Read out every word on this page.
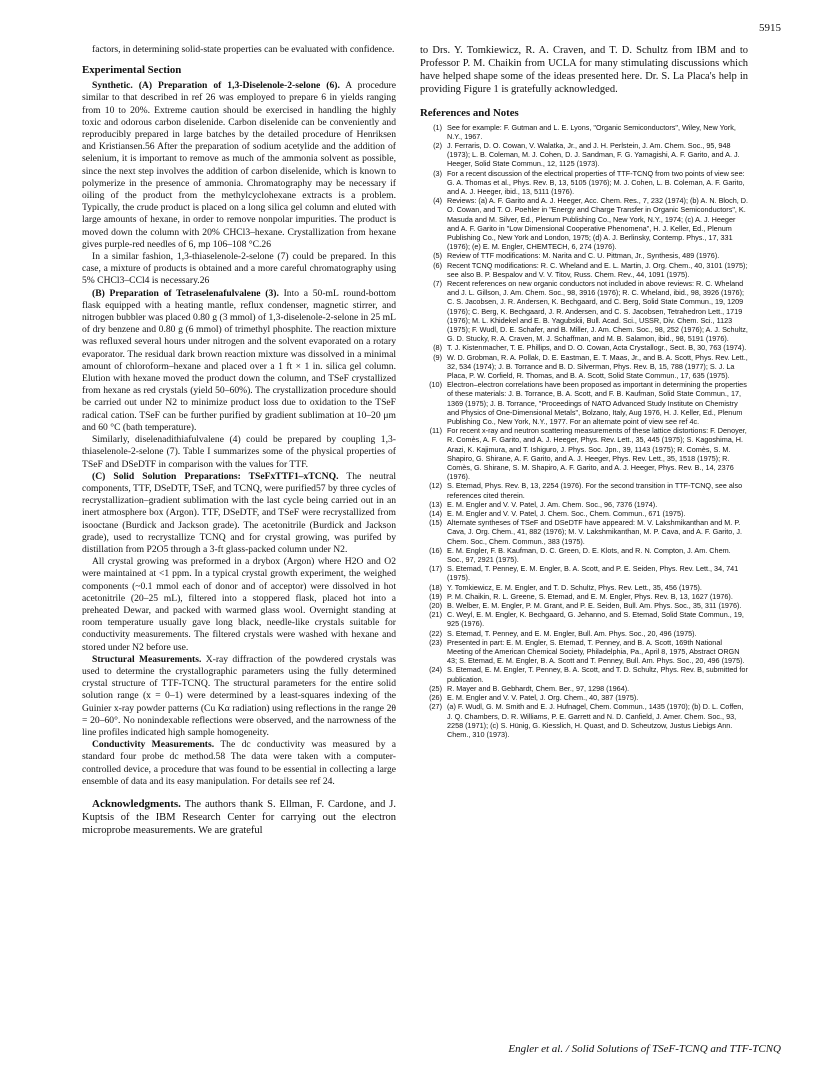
5915

factors, in determining solid-state properties can be evaluated with confidence.

Experimental Section

Synthetic. (A) Preparation of 1,3-Diselenole-2-selone (6). A procedure similar to that described in ref 26 was employed to prepare 6 in yields ranging from 10 to 20%. Extreme caution should be exercised in handling the highly toxic and odorous carbon diselenide. Carbon diselenide can be conveniently and reproducibly prepared in large batches by the detailed procedure of Henriksen and Kristiansen.56 After the preparation of sodium acetylide and the addition of selenium, it is important to remove as much of the ammonia solvent as possible, since the next step involves the addition of carbon diselenide, which is known to polymerize in the presence of ammonia. Chromatography may be necessary if oiling of the product from the methylcyclohexane extracts is a problem. Typically, the crude product is placed on a long silica gel column and eluted with large amounts of hexane, in order to remove nonpolar impurities. The product is moved down the column with 20% CHCl3–hexane. Crystallization from hexane gives purple-red needles of 6, mp 106–108 °C.26

In a similar fashion, 1,3-thiaselenole-2-selone (7) could be prepared. In this case, a mixture of products is obtained and a more careful chromatography using 5% CHCl3–CCl4 is necessary.26

(B) Preparation of Tetraselenafulvalene (3). Into a 50-mL round-bottom flask equipped with a heating mantle, reflux condenser, magnetic stirrer, and nitrogen bubbler was placed 0.80 g (3 mmol) of 1,3-diselenole-2-selone in 25 mL of dry benzene and 0.80 g (6 mmol) of trimethyl phosphite. The reaction mixture was refluxed several hours under nitrogen and the solvent evaporated on a rotary evaporator. The residual dark brown reaction mixture was dissolved in a minimal amount of chloroform–hexane and placed over a 1 ft × 1 in. silica gel column. Elution with hexane moved the product down the column, and TSeF crystallized from hexane as red crystals (yield 50–60%). The crystallization procedure should be carried out under N2 to minimize product loss due to oxidation to the TSeF radical cation. TSeF can be further purified by gradient sublimation at 10–20 μm and 60 °C (bath temperature).

Similarly, diselenadithiafulvalene (4) could be prepared by coupling 1,3-thiaselenole-2-selone (7). Table I summarizes some of the physical properties of TSeF and DSeDTF in comparison with the values for TTF.

(C) Solid Solution Preparations: TSeFxTTF1–xTCNQ. The neutral components, TTF, DSeDTF, TSeF, and TCNQ, were purified57 by three cycles of recrystallization–gradient sublimation with the last cycle being carried out in an inert atmosphere box (Argon). TTF, DSeDTF, and TSeF were recrystallized from isooctane (Burdick and Jackson grade). The acetonitrile (Burdick and Jackson grade), used to recrystallize TCNQ and for crystal growing, was purifed by distillation from P2O5 through a 3-ft glass-packed column under N2.

All crystal growing was preformed in a drybox (Argon) where H2O and O2 were maintained at <1 ppm. In a typical crystal growth experiment, the weighed components (~0.1 mmol each of donor and of acceptor) were dissolved in hot acetonitrile (20–25 mL), filtered into a stoppered flask, placed hot into a preheated Dewar, and packed with warmed glass wool. Overnight standing at room temperature usually gave long black, needle-like crystals suitable for conductivity measurements. The filtered crystals were washed with hexane and stored under N2 before use.

Structural Measurements. X-ray diffraction of the powdered crystals was used to determine the crystallographic parameters using the fully determined crystal structure of TTF-TCNQ. The structural parameters for the entire solid solution range (x = 0–1) were determined by a least-squares indexing of the Guinier x-ray powder patterns (Cu Kα radiation) using reflections in the range 2θ = 20–60°. No nonindexable reflections were observed, and the narrowness of the line profiles indicated high sample homogeneity.

Conductivity Measurements. The dc conductivity was measured by a standard four probe dc method.58 The data were taken with a computer-controlled device, a procedure that was found to be essential in collecting a large ensemble of data and its easy manipulation. For details see ref 24.

Acknowledgments. The authors thank S. Ellman, F. Cardone, and J. Kuptsis of the IBM Research Center for carrying out the electron microprobe measurements. We are grateful

to Drs. Y. Tomkiewicz, R. A. Craven, and T. D. Schultz from IBM and to Professor P. M. Chaikin from UCLA for many stimulating discussions which have helped shape some of the ideas presented here. Dr. S. La Placa's help in providing Figure 1 is gratefully acknowledged.

References and Notes
(1) See for example: F. Gutman and L. E. Lyons, "Organic Semiconductors", Wiley, New York, N.Y., 1967.
(2) J. Ferraris, D. O. Cowan, V. Walatka, Jr., and J. H. Perlstein, J. Am. Chem. Soc., 95, 948 (1973); L. B. Coleman, M. J. Cohen, D. J. Sandman, F. G. Yamagishi, A. F. Garito, and A. J. Heeger, Solid State Commun., 12, 1125 (1973).
(3) For a recent discussion of the electrical properties of TTF-TCNQ from two points of view see: G. A. Thomas et al., Phys. Rev. B, 13, 5105 (1976); M. J. Cohen, L. B. Coleman, A. F. Garito, and A. J. Heeger, ibid., 13, 5111 (1976).
(4) Reviews: (a) A. F. Garito and A. J. Heeger, Acc. Chem. Res., 7, 232 (1974); (b) A. N. Bloch, D. O. Cowan, and T. O. Poehler in "Energy and Charge Transfer in Organic Semiconductors", K. Masuda and M. Silver, Ed., Plenum Publishing Co., New York, N.Y., 1974; (c) A. J. Heeger and A. F. Garito in "Low Dimensional Cooperative Phenomena", H. J. Keller, Ed., Plenum Publishing Co., New York and London, 1975; (d) A. J. Berlinsky, Contemp. Phys., 17, 331 (1976); (e) E. M. Engler, CHEMTECH, 6, 274 (1976).
(5) Review of TTF modifications: M. Narita and C. U. Pittman, Jr., Synthesis, 489 (1976).
(6) Recent TCNQ modifications: R. C. Wheland and E. L. Martin, J. Org. Chem., 40, 3101 (1975); see also B. P. Bespalov and V. V. Titov, Russ. Chem. Rev., 44, 1091 (1975).
(7) Recent references on new organic conductors not included in above reviews: R. C. Wheland and J. L. Gillson, J. Am. Chem. Soc., 98, 3916 (1976); R. C. Wheland, ibid., 98, 3926 (1976); C. S. Jacobsen, J. R. Andersen, K. Bechgaard, and C. Berg, Solid State Commun., 19, 1209 (1976); C. Berg, K. Bechgaard, J. R. Andersen, and C. S. Jacobsen, Tetrahedron Lett., 1719 (1976); M. L. Khidekel and E. B. Yagubskii, Bull. Acad. Sci., USSR, Div. Chem. Sci., 1123 (1975); F. Wudl, D. E. Schafer, and B. Miller, J. Am. Chem. Soc., 98, 252 (1976); A. J. Schultz, G. D. Stucky, R. A. Craven, M. J. Schaffman, and M. B. Salamon, ibid., 98, 5191 (1976).
(8) T. J. Kistenmacher, T. E. Phillips, and D. O. Cowan, Acta Crystallogr., Sect. B, 30, 763 (1974).
(9) W. D. Grobman, R. A. Pollak, D. E. Eastman, E. T. Maas, Jr., and B. A. Scott, Phys. Rev. Lett., 32, 534 (1974); J. B. Torrance and B. D. Silverman, Phys. Rev. B, 15, 788 (1977); S. J. La Placa, P. W. Corfield, R. Thomas, and B. A. Scott, Solid State Commun., 17, 635 (1975).
(10) Electron–electron correlations have been proposed as important in determining the properties of these materials: J. B. Torrance, B. A. Scott, and F. B. Kaufman, Solid State Commun., 17, 1369 (1975); J. B. Torrance, "Proceedings of NATO Advanced Study Institute on Chemistry and Physics of One-Dimensional Metals", Bolzano, Italy, Aug 1976, H. J. Keller, Ed., Plenum Publishing Co., New York, N.Y., 1977. For an alternate point of view see ref 4c.
(11) For recent x-ray and neutron scattering measurements of these lattice distortions: F. Denoyer, R. Comès, A. F. Garito, and A. J. Heeger, Phys. Rev. Lett., 35, 445 (1975); S. Kagoshima, H. Arazi, K. Kajimura, and T. Ishiguro, J. Phys. Soc. Jpn., 39, 1143 (1975); R. Comès, S. M. Shapiro, G. Shirane, A. F. Garito, and A. J. Heeger, Phys. Rev. Lett., 35, 1518 (1975); R. Comès, G. Shirane, S. M. Shapiro, A. F. Garito, and A. J. Heeger, Phys. Rev. B., 14, 2376 (1976).
(12) S. Etemad, Phys. Rev. B, 13, 2254 (1976). For the second transition in TTF-TCNQ, see also references cited therein.
(13) E. M. Engler and V. V. Patel, J. Am. Chem. Soc., 96, 7376 (1974).
(14) E. M. Engler and V. V. Patel, J. Chem. Soc., Chem. Commun., 671 (1975).
(15) Alternate syntheses of TSeF and DSeDTF have appeared: M. V. Lakshmikanthan and M. P. Cava, J. Org. Chem., 41, 882 (1976); M. V. Lakshmikanthan, M. P. Cava, and A. F. Garito, J. Chem. Soc., Chem. Commun., 383 (1975).
(16) E. M. Engler, F. B. Kaufman, D. C. Green, D. E. Klots, and R. N. Compton, J. Am. Chem. Soc., 97, 2921 (1975).
(17) S. Etemad, T. Penney, E. M. Engler, B. A. Scott, and P. E. Seiden, Phys. Rev. Lett., 34, 741 (1975).
(18) Y. Tomkiewicz, E. M. Engler, and T. D. Schultz, Phys. Rev. Lett., 35, 456 (1975).
(19) P. M. Chaikin, R. L. Greene, S. Etemad, and E. M. Engler, Phys. Rev. B, 13, 1627 (1976).
(20) B. Welber, E. M. Engler, P. M. Grant, and P. E. Seiden, Bull. Am. Phys. Soc., 35, 311 (1976).
(21) C. Weyl, E. M. Engler, K. Bechgaard, G. Jehanno, and S. Etemad, Solid State Commun., 19, 925 (1976).
(22) S. Etemad, T. Penney, and E. M. Engler, Bull. Am. Phys. Soc., 20, 496 (1975).
(23) Presented in part: E. M. Engler, S. Etemad, T. Penney, and B. A. Scott, 169th National Meeting of the American Chemical Society, Philadelphia, Pa., April 8, 1975, Abstract ORGN 43; S. Etemad, E. M. Engler, B. A. Scott and T. Penney, Bull. Am. Phys. Soc., 20, 496 (1975).
(24) S. Etemad, E. M. Engler, T. Penney, B. A. Scott, and T. D. Schultz, Phys. Rev. B, submitted for publication.
(25) R. Mayer and B. Gebhardt, Chem. Ber., 97, 1298 (1964).
(26) E. M. Engler and V. V. Patel, J. Org. Chem., 40, 387 (1975).
(27) (a) F. Wudl, G. M. Smith and E. J. Hufnagel, Chem. Commun., 1435 (1970); (b) D. L. Coffen, J. Q. Chambers, D. R. Williams, P. E. Garrett and N. D. Canfield, J. Amer. Chem. Soc., 93, 2258 (1971); (c) S. Hünig, G. Kiesslich, H. Quast, and D. Scheutzow, Justus Liebigs Ann. Chem., 310 (1973).
Engler et al. / Solid Solutions of TSeF-TCNQ and TTF-TCNQ
